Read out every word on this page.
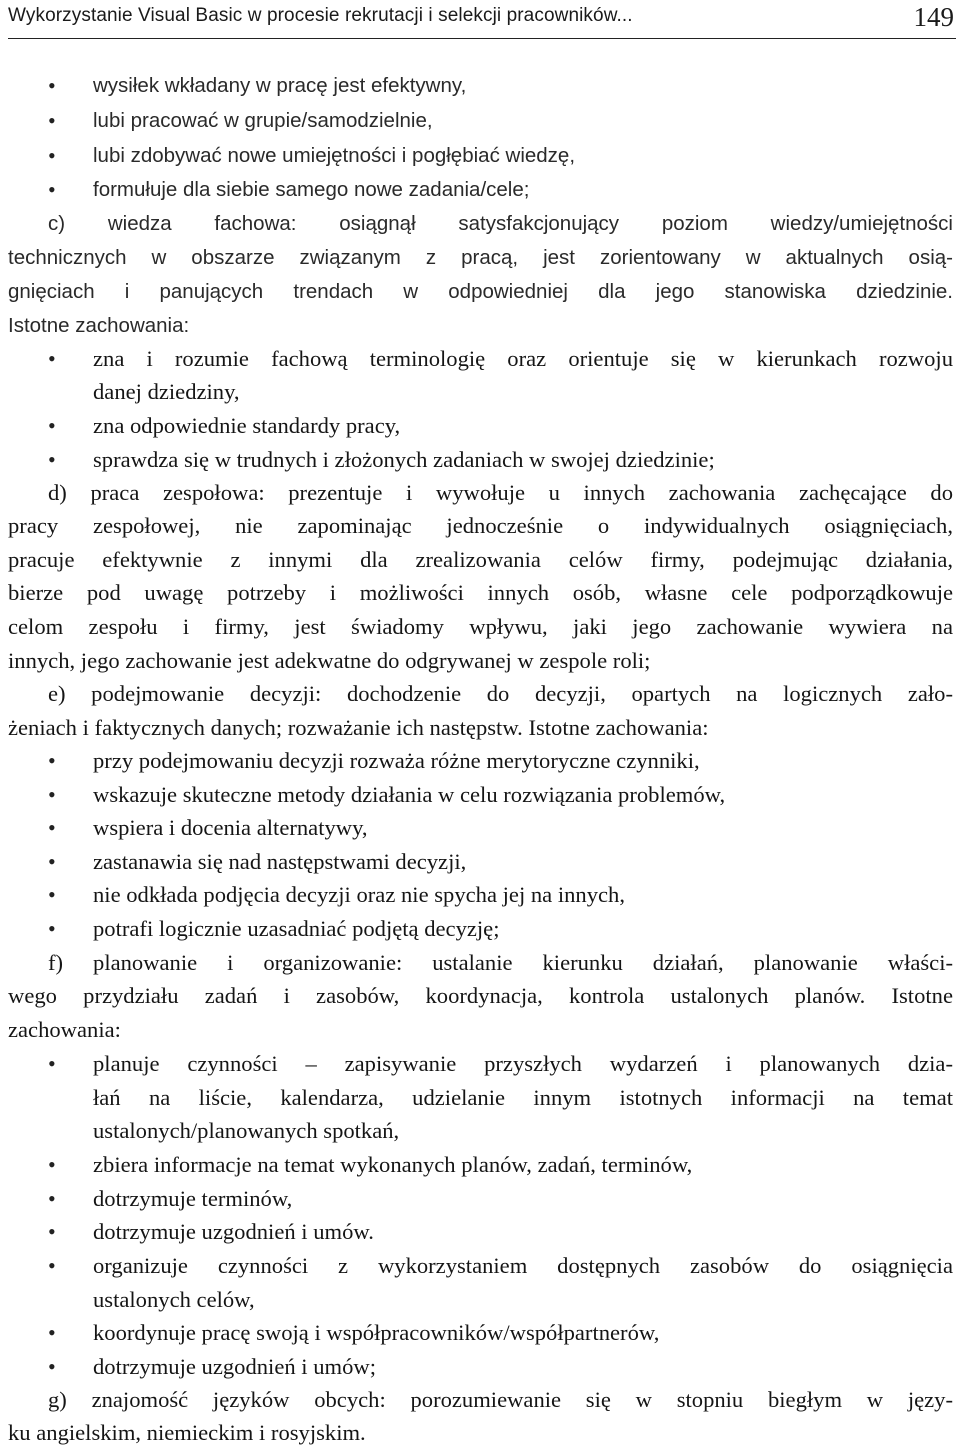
Wykorzystanie Visual Basic w procesie rekrutacji i selekcji pracowników...	149
•	wysiłek wkładany w pracę jest efektywny,
•	lubi pracować w grupie/samodzielnie,
•	lubi zdobywać nowe umiejętności i pogłębiać wiedzę,
•	formułuje dla siebie samego nowe zadania/cele;
c) wiedza fachowa: osiągnął satysfakcjonujący poziom wiedzy/umiejętności
technicznych w obszarze związanym z pracą, jest zorientowany w aktualnych osią-
gnięciach i panujących trendach w odpowiedniej dla jego stanowiska dziedzinie.
Istotne zachowania:
•	zna i rozumie fachową terminologię oraz orientuje się w kierunkach rozwoju
danej dziedziny,
•	zna odpowiednie standardy pracy,
•	sprawdza się w trudnych i złożonych zadaniach w swojej dziedzinie;
d) praca zespołowa: prezentuje i wywołuje u innych zachowania zachęcające do
pracy zespołowej, nie zapominając jednocześnie o indywidualnych osiągnięciach,
pracuje efektywnie z innymi dla zrealizowania celów firmy, podejmując działania,
bierze pod uwagę potrzeby i możliwości innych osób, własne cele podporządkowuje
celom zespołu i firmy, jest świadomy wpływu, jaki jego zachowanie wywiera na
innych, jego zachowanie jest adekwatne do odgrywanej w zespole roli;
e) podejmowanie decyzji: dochodzenie do decyzji, opartych na logicznych zało-
żeniach i faktycznych danych; rozważanie ich następstw. Istotne zachowania:
•	przy podejmowaniu decyzji rozważa różne merytoryczne czynniki,
•	wskazuje skuteczne metody działania w celu rozwiązania problemów,
•	wspiera i docenia alternatywy,
•	zastanawia się nad następstwami decyzji,
•	nie odkłada podjęcia decyzji oraz nie spycha jej na innych,
•	potrafi logicznie uzasadniać podjętą decyzję;
f) planowanie i organizowanie: ustalanie kierunku działań, planowanie właści-
wego przydziału zadań i zasobów, koordynacja, kontrola ustalonych planów. Istotne
zachowania:
•	planuje czynności – zapisywanie przyszłych wydarzeń i planowanych dzia-
łań na liście, kalendarza, udzielanie innym istotnych informacji na temat
ustalonych/planowanych spotkań,
•	zbiera informacje na temat wykonanych planów, zadań, terminów,
•	dotrzymuje terminów,
•	dotrzymuje uzgodnień i umów.
•	organizuje czynności z wykorzystaniem dostępnych zasobów do osiągnięcia
ustalonych celów,
•	koordynuje pracę swoją i współpracowników/współpartnerów,
•	dotrzymuje uzgodnień i umów;
g) znajomość języków obcych: porozumiewanie się w stopniu biegłym w języ-
ku angielskim, niemieckim i rosyjskim.
